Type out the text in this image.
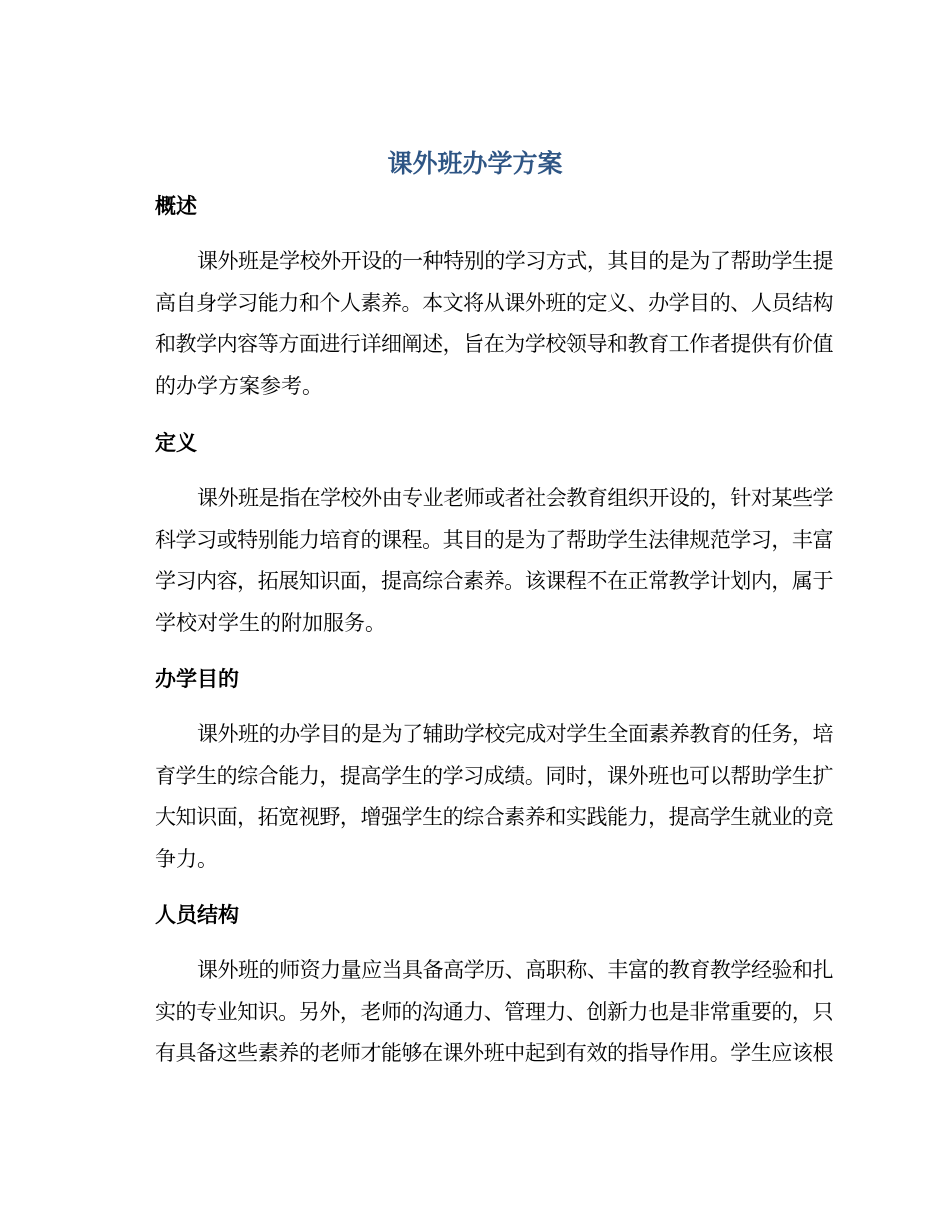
课外班办学方案
概述
课外班是学校外开设的一种特别的学习方式，其目的是为了帮助学生提
高自身学习能力和个人素养。本文将从课外班的定义、办学目的、人员结构
和教学内容等方面进行详细阐述，旨在为学校领导和教育工作者提供有价值
的办学方案参考。
定义
课外班是指在学校外由专业老师或者社会教育组织开设的，针对某些学
科学习或特别能力培育的课程。其目的是为了帮助学生法律规范学习，丰富
学习内容，拓展知识面，提高综合素养。该课程不在正常教学计划内，属于
学校对学生的附加服务。
办学目的
课外班的办学目的是为了辅助学校完成对学生全面素养教育的任务，培
育学生的综合能力，提高学生的学习成绩。同时，课外班也可以帮助学生扩
大知识面，拓宽视野，增强学生的综合素养和实践能力，提高学生就业的竞
争力。
人员结构
课外班的师资力量应当具备高学历、高职称、丰富的教育教学经验和扎
实的专业知识。另外，老师的沟通力、管理力、创新力也是非常重要的，只
有具备这些素养的老师才能够在课外班中起到有效的指导作用。学生应该根
